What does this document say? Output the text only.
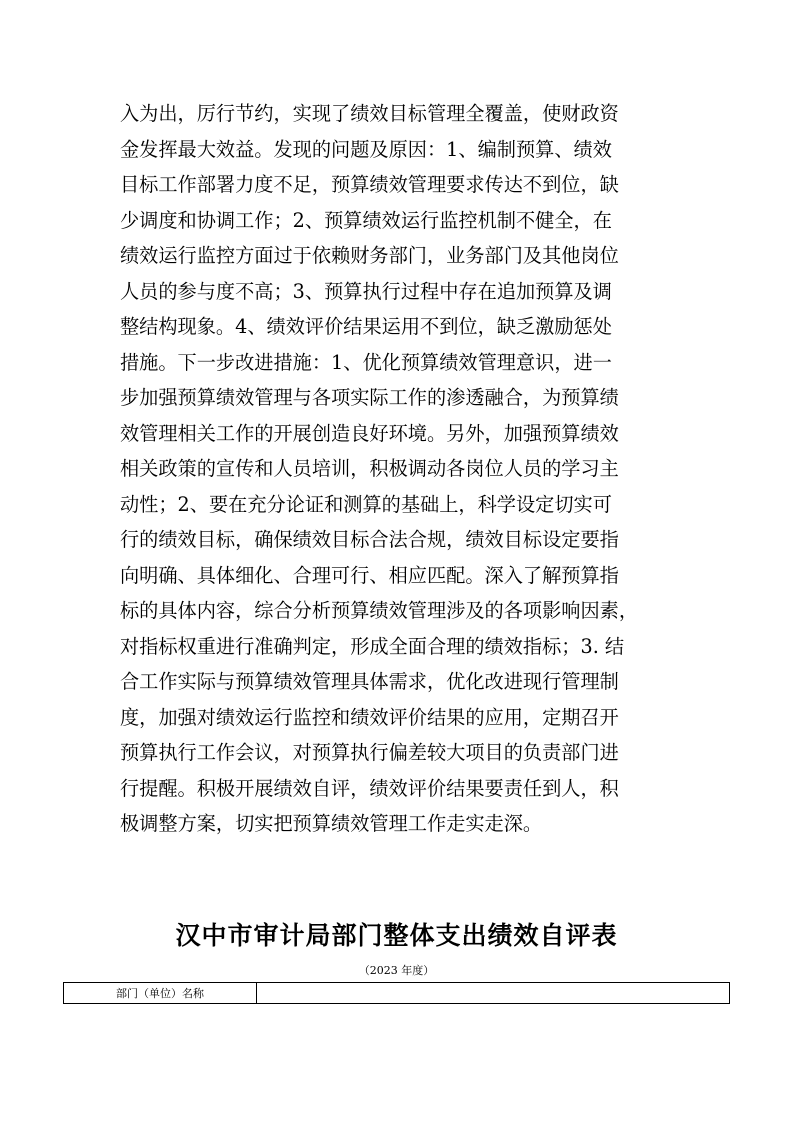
入为出，厉行节约，实现了绩效目标管理全覆盖，使财政资
金发挥最大效益。发现的问题及原因：1、编制预算、绩效
目标工作部署力度不足，预算绩效管理要求传达不到位，缺
少调度和协调工作；2、预算绩效运行监控机制不健全，在
绩效运行监控方面过于依赖财务部门，业务部门及其他岗位
人员的参与度不高；3、预算执行过程中存在追加预算及调
整结构现象。4、绩效评价结果运用不到位，缺乏激励惩处
措施。下一步改进措施：1、优化预算绩效管理意识，进一
步加强预算绩效管理与各项实际工作的渗透融合，为预算绩
效管理相关工作的开展创造良好环境。另外，加强预算绩效
相关政策的宣传和人员培训，积极调动各岗位人员的学习主
动性；2、要在充分论证和测算的基础上，科学设定切实可
行的绩效目标，确保绩效目标合法合规，绩效目标设定要指
向明确、具体细化、合理可行、相应匹配。深入了解预算指
标的具体内容，综合分析预算绩效管理涉及的各项影响因素，
对指标权重进行准确判定，形成全面合理的绩效指标；3. 结
合工作实际与预算绩效管理具体需求，优化改进现行管理制
度，加强对绩效运行监控和绩效评价结果的应用，定期召开
预算执行工作会议，对预算执行偏差较大项目的负责部门进
行提醒。积极开展绩效自评，绩效评价结果要责任到人，积
极调整方案，切实把预算绩效管理工作走实走深。
汉中市审计局部门整体支出绩效自评表

（2023 年度）

部门（单位）名称	
